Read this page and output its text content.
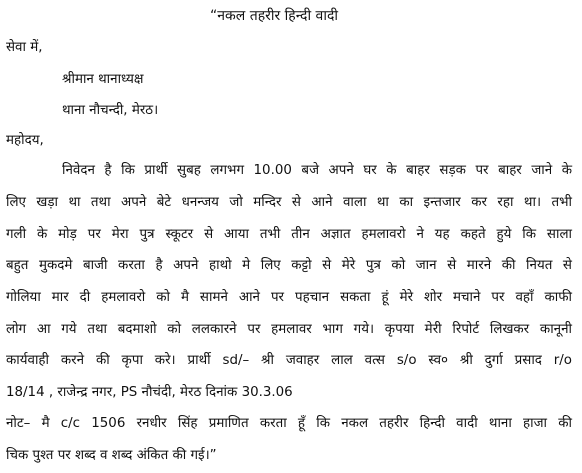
“नकल तहरीर हिन्दी वादी
सेवा में,
श्रीमान थानाध्यक्ष
थाना नौचन्दी, मेरठ।
महोदय,
निवेदन है कि प्रार्थी सुबह लगभग 10.00 बजे अपने घर के बाहर सड़क पर बाहर जाने के
लिए खड़ा था तथा अपने बेटे धनन्जय जो मन्दिर से आने वाला था का इन्तजार कर रहा था। तभी
गली के मोड़ पर मेरा पुत्र स्कूटर से आया तभी तीन अज्ञात हमलावरो ने यह कहते हुये कि साला
बहुत मुकदमे बाजी करता है अपने हाथो मे लिए कट्टो से मेरे पुत्र को जान से मारने की नियत से
गोलिया मार दी हमलावरो को मै सामने आने पर पहचान सकता हूं मेरे शोर मचाने पर वहाँ काफी
लोग आ गये तथा बदमाशो को ललकारने पर हमलावर भाग गये। कृपया मेरी रिपोर्ट लिखकर कानूनी
कार्यवाही करने की कृपा करे। प्रार्थी sd/– श्री जवाहर लाल वत्स s/o स्व० श्री दुर्गा प्रसाद r/o
18/14 , राजेन्द्र नगर, PS नौचंदी, मेरठ दिनांक 30.3.06
नोट– मै c/c 1506 रनधीर सिंह प्रमाणित करता हूँ कि नकल तहरीर हिन्दी वादी थाना हाजा की
चिक पुश्त पर शब्द व शब्द अंकित की गई।”
